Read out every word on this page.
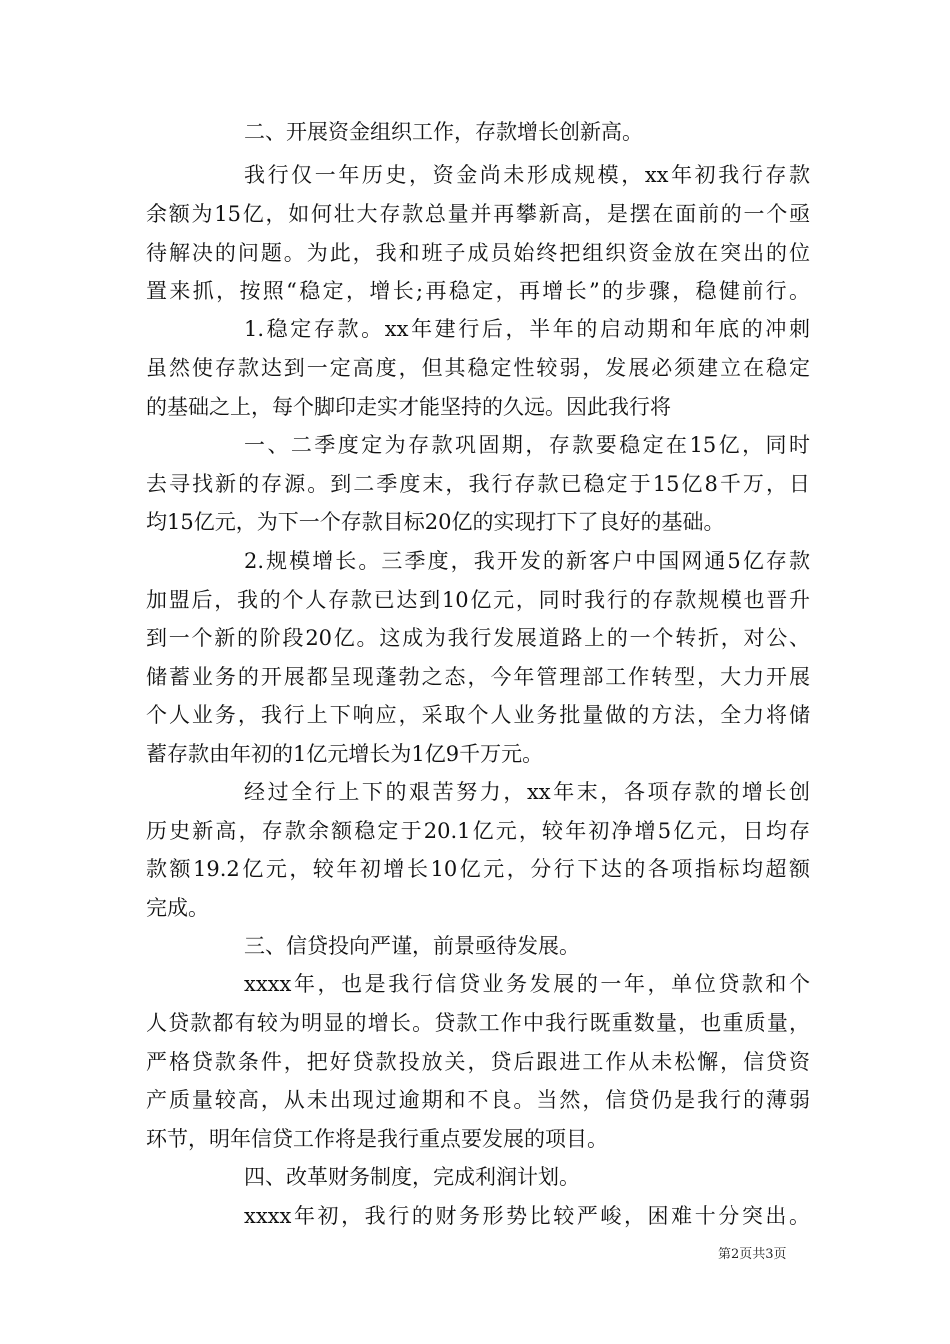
二、开展资金组织工作，存款增长创新高。
我行仅一年历史，资金尚未形成规模，xx年初我行存款
余额为15亿，如何壮大存款总量并再攀新高，是摆在面前的一个亟
待解决的问题。为此，我和班子成员始终把组织资金放在突出的位
置来抓，按照“稳定，增长;再稳定，再增长”的步骤，稳健前行。
1.稳定存款。xx年建行后，半年的启动期和年底的冲刺
虽然使存款达到一定高度，但其稳定性较弱，发展必须建立在稳定
的基础之上，每个脚印走实才能坚持的久远。因此我行将
一、二季度定为存款巩固期，存款要稳定在15亿，同时
去寻找新的存源。到二季度末，我行存款已稳定于15亿8千万，日
均15亿元，为下一个存款目标20亿的实现打下了良好的基础。
2.规模增长。三季度，我开发的新客户中国网通5亿存款
加盟后，我的个人存款已达到10亿元，同时我行的存款规模也晋升
到一个新的阶段20亿。这成为我行发展道路上的一个转折，对公、
储蓄业务的开展都呈现蓬勃之态，今年管理部工作转型，大力开展
个人业务，我行上下响应，采取个人业务批量做的方法，全力将储
蓄存款由年初的1亿元增长为1亿9千万元。
经过全行上下的艰苦努力，xx年末，各项存款的增长创
历史新高，存款余额稳定于20.1亿元，较年初净增5亿元，日均存
款额19.2亿元，较年初增长10亿元，分行下达的各项指标均超额
完成。
三、信贷投向严谨，前景亟待发展。
xxxx年，也是我行信贷业务发展的一年，单位贷款和个
人贷款都有较为明显的增长。贷款工作中我行既重数量，也重质量，
严格贷款条件，把好贷款投放关，贷后跟进工作从未松懈，信贷资
产质量较高，从未出现过逾期和不良。当然，信贷仍是我行的薄弱
环节，明年信贷工作将是我行重点要发展的项目。
四、改革财务制度，完成利润计划。
xxxx年初，我行的财务形势比较严峻，困难十分突出。
第2页共3页
